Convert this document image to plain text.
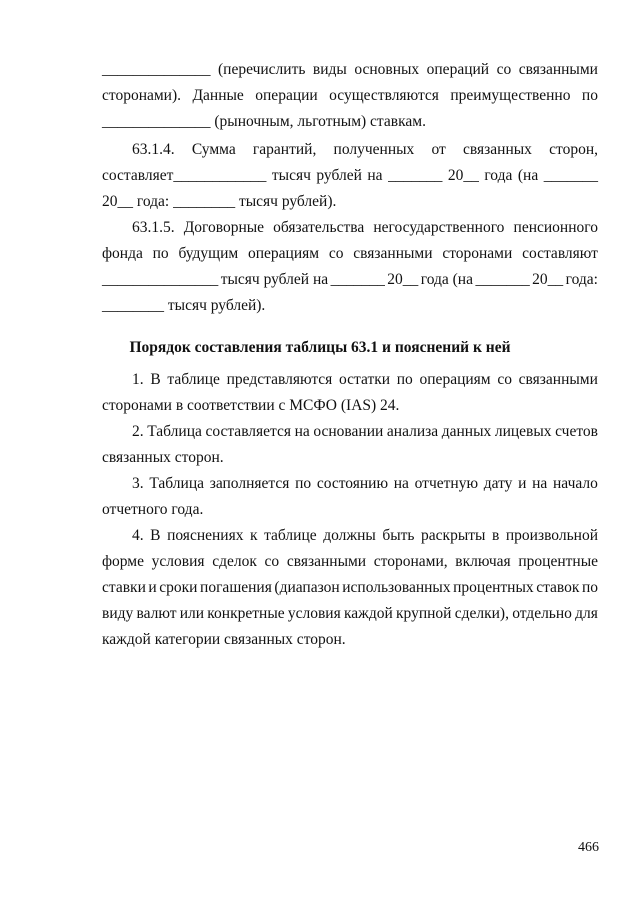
______________ (перечислить виды основных операций со связанными
сторонами). Данные операции осуществляются преимущественно по
______________ (рыночным, льготным) ставкам.
63.1.4. Сумма гарантий, полученных от связанных сторон,
составляет____________ тысяч рублей на _______ 20__ года (на _______
20__ года: ________ тысяч рублей).
63.1.5. Договорные обязательства негосударственного пенсионного
фонда по будущим операциям со связанными сторонами составляют
_______________ тысяч рублей на _______ 20__ года (на _______ 20__ года:
________ тысяч рублей).
Порядок составления таблицы 63.1 и пояснений к ней
1. В таблице представляются остатки по операциям со связанными
сторонами в соответствии с МСФО (IAS) 24.
2. Таблица составляется на основании анализа данных лицевых счетов
связанных сторон.
3. Таблица заполняется по состоянию на отчетную дату и на начало
отчетного года.
4. В пояснениях к таблице должны быть раскрыты в произвольной
форме условия сделок со связанными сторонами, включая процентные
ставки и сроки погашения (диапазон использованных процентных ставок по
виду валют или конкретные условия каждой крупной сделки), отдельно для
каждой категории связанных сторон.
466
